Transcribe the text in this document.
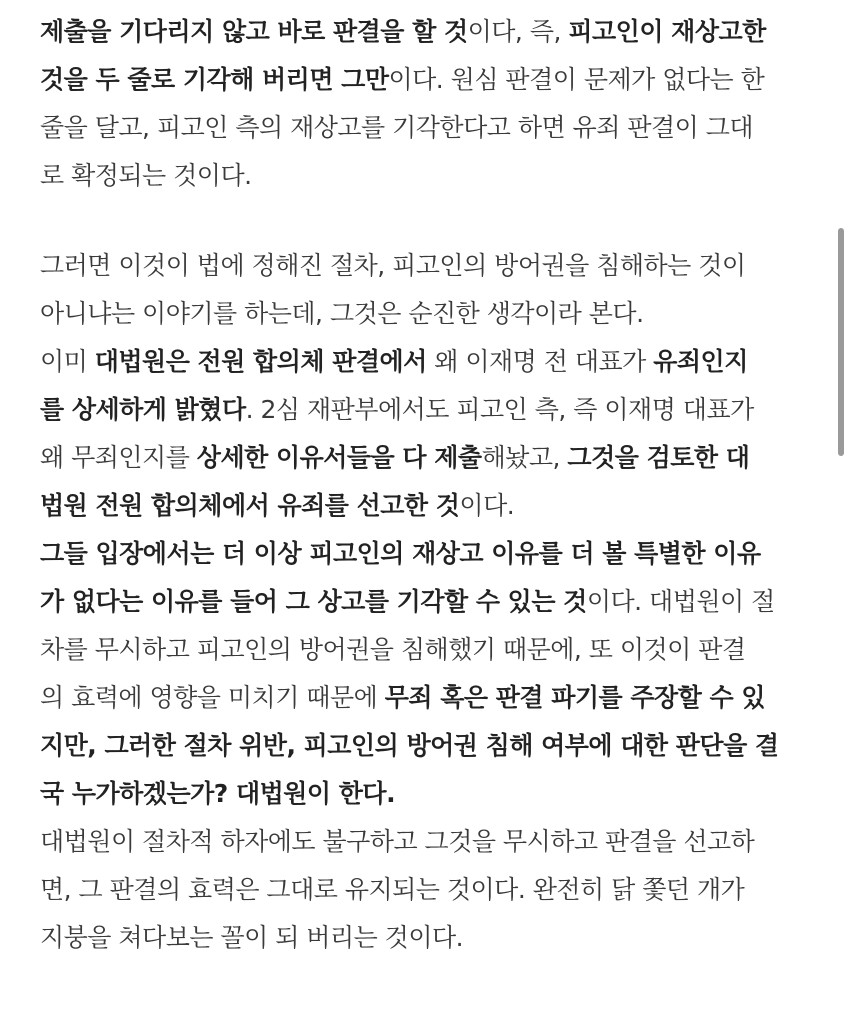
제출을 기다리지 않고 바로 판결을 할 것이다, 즉, 피고인이 재상고한
것을 두 줄로 기각해 버리면 그만이다. 원심 판결이 문제가 없다는 한
줄을 달고, 피고인 측의 재상고를 기각한다고 하면 유죄 판결이 그대
로 확정되는 것이다.
그러면 이것이 법에 정해진 절차, 피고인의 방어권을 침해하는 것이
아니냐는 이야기를 하는데, 그것은 순진한 생각이라 본다.
이미 대법원은 전원 합의체 판결에서 왜 이재명 전 대표가 유죄인지
를 상세하게 밝혔다. 2심 재판부에서도 피고인 측, 즉 이재명 대표가
왜 무죄인지를 상세한 이유서들을 다 제출해놨고, 그것을 검토한 대
법원 전원 합의체에서 유죄를 선고한 것이다.
그들 입장에서는 더 이상 피고인의 재상고 이유를 더 볼 특별한 이유
가 없다는 이유를 들어 그 상고를 기각할 수 있는 것이다. 대법원이 절
차를 무시하고 피고인의 방어권을 침해했기 때문에, 또 이것이 판결
의 효력에 영향을 미치기 때문에 무죄 혹은 판결 파기를 주장할 수 있
지만, 그러한 절차 위반, 피고인의 방어권 침해 여부에 대한 판단을 결
국 누가하겠는가? 대법원이 한다.
대법원이 절차적 하자에도 불구하고 그것을 무시하고 판결을 선고하
면, 그 판결의 효력은 그대로 유지되는 것이다. 완전히 닭 쫓던 개가
지붕을 쳐다보는 꼴이 되 버리는 것이다.
